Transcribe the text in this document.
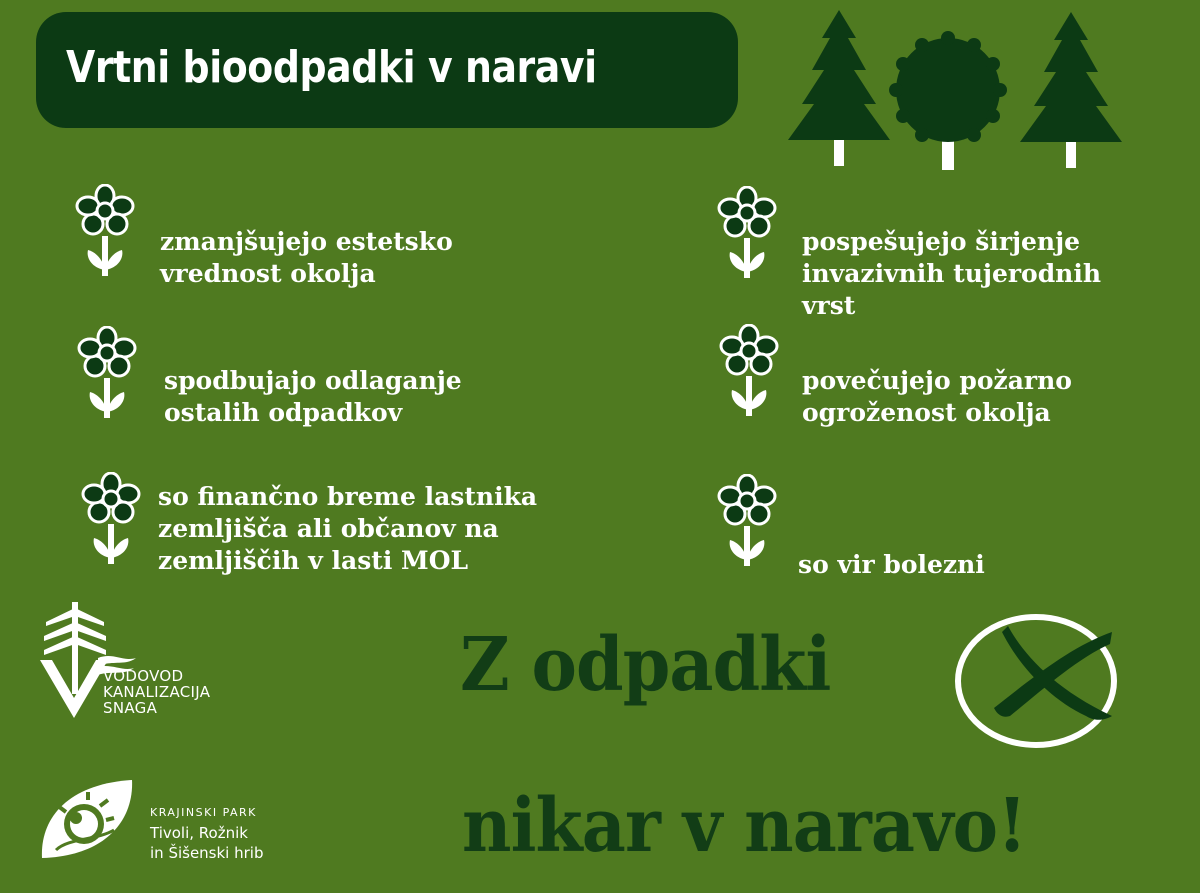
Vrtni bioodpadki v naravi
zmanjšujejo estetsko
vrednost okolja
spodbujajo odlaganje
ostalih odpadkov
so finančno breme lastnika
zemljišča ali občanov na
zemljiščih v lasti MOL
pospešujejo širjenje
invazivnih tujerodnih
vrst
povečujejo požarno
ogroženost okolja
so vir bolezni
VODOVOD
KANALIZACIJA
SNAGA
KRAJINSKI PARK
Tivoli, Rožnik
in Šišenski hrib
Z odpadki
nikar v naravo!
